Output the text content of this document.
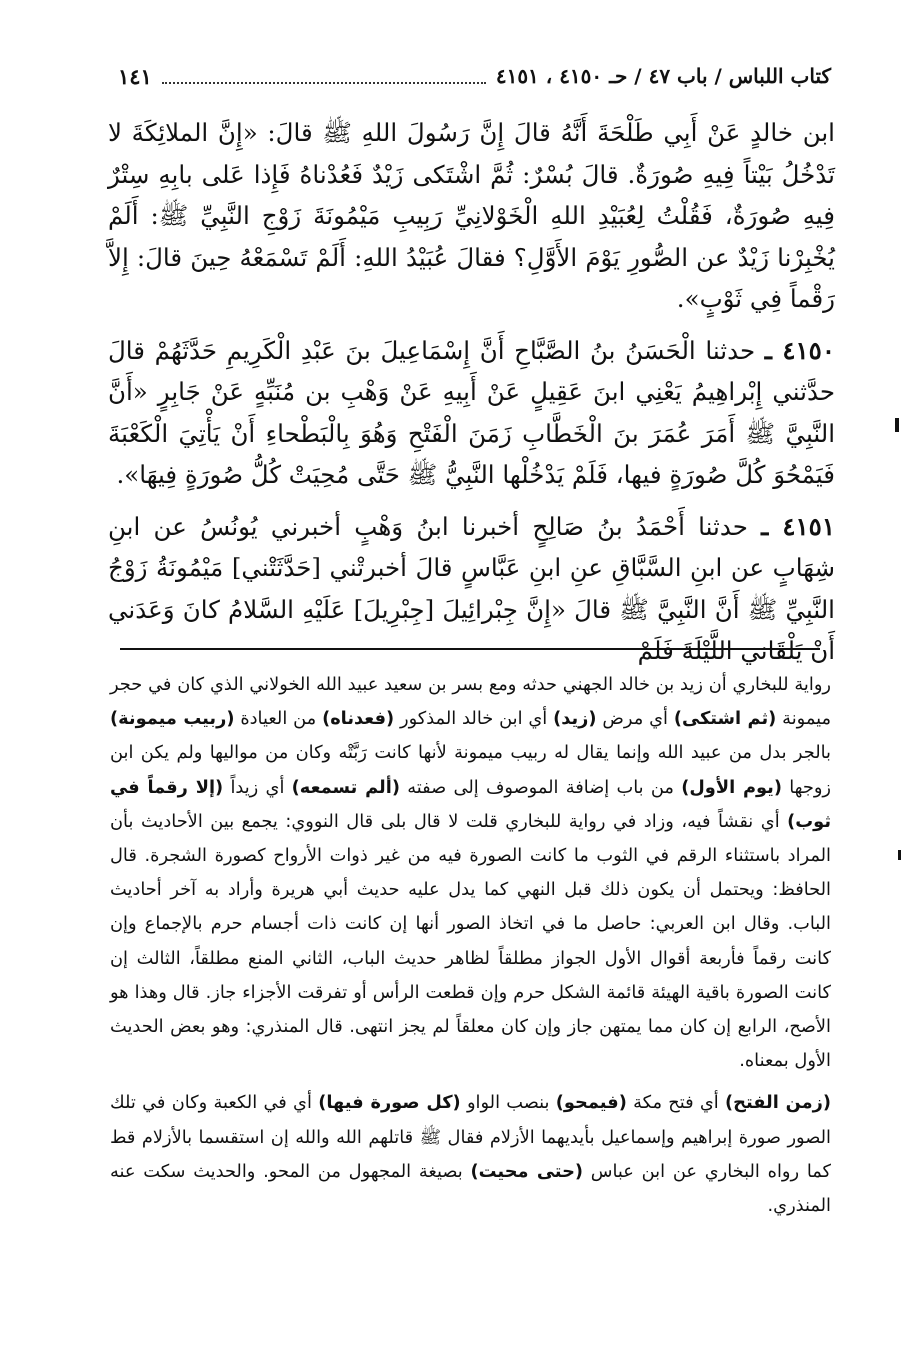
كتاب اللباس / باب ٤٧ / حـ ٤١٥٠ ، ٤١٥١
١٤١

ابن خالدٍ عَنْ أَبِي طَلْحَةَ أَنَّهُ قالَ إِنَّ رَسُولَ اللهِ ﷺ قالَ: «إِنَّ الملائِكَةَ لا تَدْخُلُ بَيْتاً فِيهِ صُورَةٌ. قالَ بُسْرٌ: ثُمَّ اشْتَكى زَيْدٌ فَعُدْناهُ فَإِذا عَلى بابِهِ سِتْرٌ فِيهِ صُورَةٌ، فَقُلْتُ لِعُبَيْدِ اللهِ الْخَوْلانِيِّ رَبِيبِ مَيْمُونَةَ زَوْجِ النَّبِيِّ ﷺ: أَلَمْ يُخْبِرْنا زَيْدٌ عن الصُّورِ يَوْمَ الأَوَّلِ؟ فقالَ عُبَيْدُ اللهِ: أَلَمْ تَسْمَعْهُ حِينَ قالَ: إِلاَّ رَقْماً فِي ثَوْبٍ».

٤١٥٠ ـ حدثنا الْحَسَنُ بنُ الصَّبَّاحِ أَنَّ إِسْمَاعِيلَ بنَ عَبْدِ الْكَرِيمِ حَدَّثَهُمْ قالَ حدَّثني إِبْراهِيمُ يَعْنِي ابنَ عَقِيلٍ عَنْ أَبِيهِ عَنْ وَهْبِ بن مُنَبِّهٍ عَنْ جَابِرٍ «أَنَّ النَّبِيَّ ﷺ أَمَرَ عُمَرَ بنَ الْخَطَّابِ زَمَنَ الْفَتْحِ وَهُوَ بِالْبَطْحاءِ أَنْ يَأْتِيَ الْكَعْبَةَ فَيَمْحُوَ كُلَّ صُورَةٍ فيها، فَلَمْ يَدْخُلْها النَّبِيُّ ﷺ حَتَّى مُحِيَتْ كُلُّ صُورَةٍ فِيهَا».

٤١٥١ ـ حدثنا أَحْمَدُ بنُ صَالِحٍ أخبرنا ابنُ وَهْبٍ أخبرني يُونُسُ عن ابنِ شِهَابٍ عن ابنِ السَّبَّاقِ عنِ ابنِ عَبَّاسٍ قالَ أخبرتْني [حَدَّثَتْني] مَيْمُونَةُ زَوْجُ النَّبِيِّ ﷺ أَنَّ النَّبِيَّ ﷺ قالَ «إِنَّ جِبْرائِيلَ [جِبْرِيلَ] عَلَيْهِ السَّلامُ كانَ وَعَدَني أَنْ يَلْقَاني اللَّيْلَةَ فَلَمْ

رواية للبخاري أن زيد بن خالد الجهني حدثه ومع بسر بن سعيد عبيد الله الخولاني الذي كان في حجر ميمونة (ثم اشتكى) أي مرض (زيد) أي ابن خالد المذكور (فعدناه) من العيادة (ربيب ميمونة) بالجر بدل من عبيد الله وإنما يقال له ربيب ميمونة لأنها كانت رَبَّتْه وكان من مواليها ولم يكن ابن زوجها (يوم الأول) من باب إضافة الموصوف إلى صفته (ألم تسمعه) أي زيداً (إلا رقماً في ثوب) أي نقشاً فيه، وزاد في رواية للبخاري قلت لا قال بلى قال النووي: يجمع بين الأحاديث بأن المراد باستثناء الرقم في الثوب ما كانت الصورة فيه من غير ذوات الأرواح كصورة الشجرة. قال الحافظ: ويحتمل أن يكون ذلك قبل النهي كما يدل عليه حديث أبي هريرة وأراد به آخر أحاديث الباب. وقال ابن العربي: حاصل ما في اتخاذ الصور أنها إن كانت ذات أجسام حرم بالإجماع وإن كانت رقماً فأربعة أقوال الأول الجواز مطلقاً لظاهر حديث الباب، الثاني المنع مطلقاً، الثالث إن كانت الصورة باقية الهيئة قائمة الشكل حرم وإن قطعت الرأس أو تفرقت الأجزاء جاز. قال وهذا هو الأصح، الرابع إن كان مما يمتهن جاز وإن كان معلقاً لم يجز انتهى. قال المنذري: وهو بعض الحديث الأول بمعناه.

(زمن الفتح) أي فتح مكة (فيمحو) بنصب الواو (كل صورة فيها) أي في الكعبة وكان في تلك الصور صورة إبراهيم وإسماعيل بأيديهما الأزلام فقال ﷺ قاتلهم الله والله إن استقسما بالأزلام قط كما رواه البخاري عن ابن عباس (حتى محيت) بصيغة المجهول من المحو. والحديث سكت عنه المنذري.
